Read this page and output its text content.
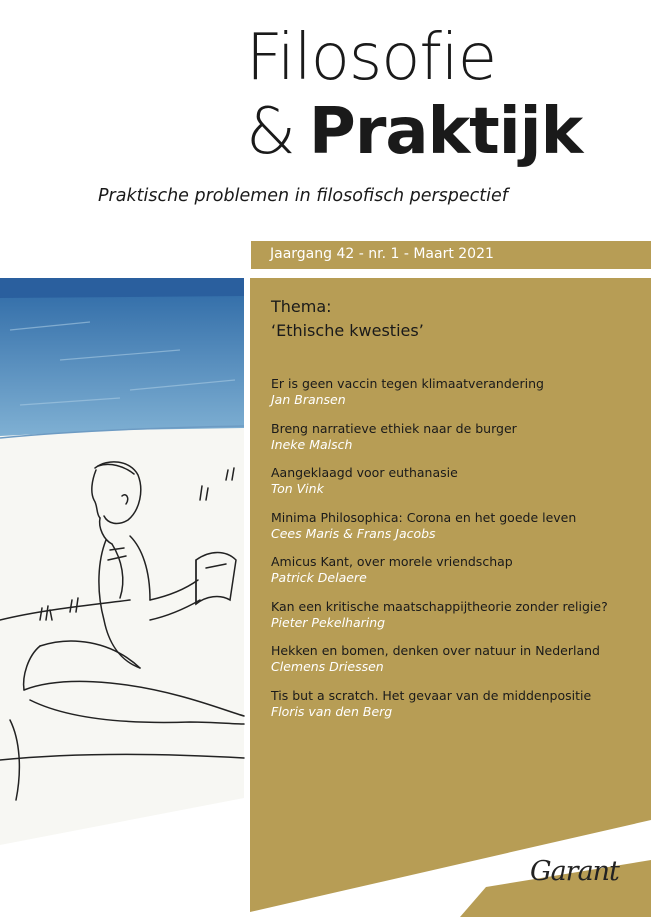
Filosofie
& Praktijk
Praktische problemen in filosofisch perspectief
Jaargang 42 - nr. 1 - Maart 2021
Thema:
‘Ethische kwesties’
Er is geen vaccin tegen klimaatverandering
Jan Bransen
Breng narratieve ethiek naar de burger
Ineke Malsch
Aangeklaagd voor euthanasie
Ton Vink
Minima Philosophica: Corona en het goede leven
Cees Maris & Frans Jacobs
Amicus Kant, over morele vriendschap
Patrick Delaere
Kan een kritische maatschappijtheorie zonder religie?
Pieter Pekelharing
Hekken en bomen, denken over natuur in Nederland
Clemens Driessen
Tis but a scratch. Het gevaar van de middenpositie
Floris van den Berg
Garant
